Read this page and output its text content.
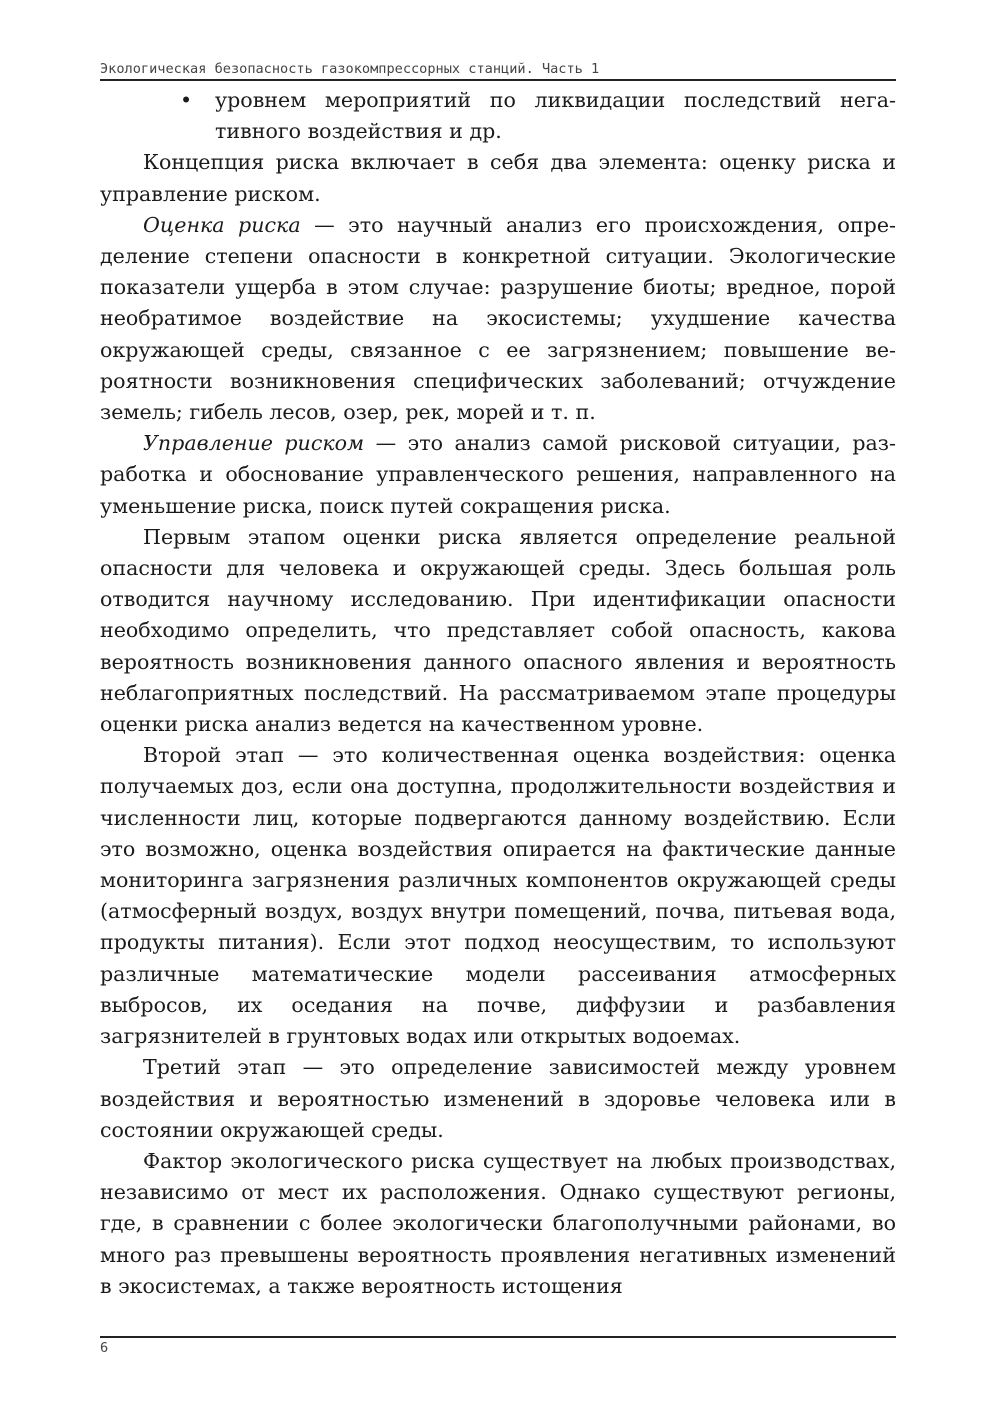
Экологическая безопасность газокомпрессорных станций. Часть 1

• уровнем мероприятий по ликвидации последствий негативного воздействия и др.

Концепция риска включает в себя два элемента: оценку риска и управление риском.

Оценка риска — это научный анализ его происхождения, определение степени опасности в конкретной ситуации. Экологические показатели ущерба в этом случае: разрушение биоты; вредное, порой необратимое воздействие на экосистемы; ухудшение качества окружающей среды, связанное с ее загрязнением; повышение вероятности возникновения специфических заболеваний; отчуждение земель; гибель лесов, озер, рек, морей и т. п.

Управление риском — это анализ самой рисковой ситуации, разработка и обоснование управленческого решения, направленного на уменьшение риска, поиск путей сокращения риска.

Первым этапом оценки риска является определение реальной опасности для человека и окружающей среды. Здесь большая роль отводится научному исследованию. При идентификации опасности необходимо определить, что представляет собой опасность, какова вероятность возникновения данного опасного явления и вероятность неблагоприятных последствий. На рассматриваемом этапе процедуры оценки риска анализ ведется на качественном уровне.

Второй этап — это количественная оценка воздействия: оценка получаемых доз, если она доступна, продолжительности воздействия и численности лиц, которые подвергаются данному воздействию. Если это возможно, оценка воздействия опирается на фактические данные мониторинга загрязнения различных компонентов окружающей среды (атмосферный воздух, воздух внутри помещений, почва, питьевая вода, продукты питания). Если этот подход неосуществим, то используют различные математические модели рассеивания атмосферных выбросов, их оседания на почве, диффузии и разбавления загрязнителей в грунтовых водах или открытых водоемах.

Третий этап — это определение зависимостей между уровнем воздействия и вероятностью изменений в здоровье человека или в состоянии окружающей среды.

Фактор экологического риска существует на любых производствах, независимо от мест их расположения. Однако существуют регионы, где, в сравнении с более экологически благополучными районами, во много раз превышены вероятность проявления негативных изменений в экосистемах, а также вероятность истощения

6
